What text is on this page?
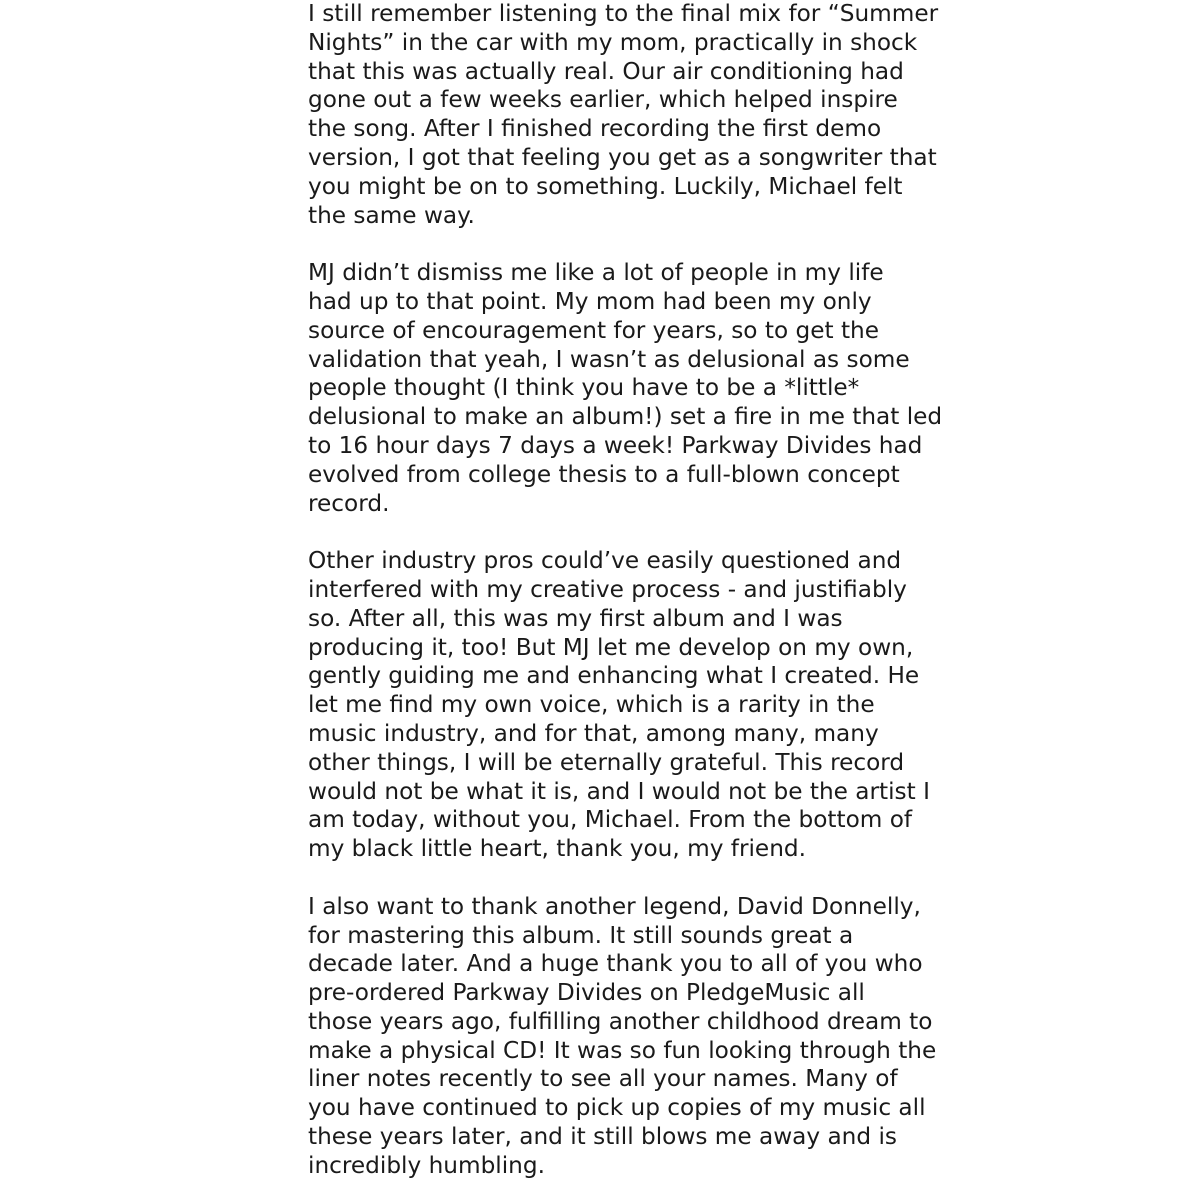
I still remember listening to the final mix for “Summer
Nights” in the car with my mom, practically in shock
that this was actually real. Our air conditioning had
gone out a few weeks earlier, which helped inspire
the song. After I finished recording the first demo
version, I got that feeling you get as a songwriter that
you might be on to something. Luckily, Michael felt
the same way.
MJ didn’t dismiss me like a lot of people in my life
had up to that point. My mom had been my only
source of encouragement for years, so to get the
validation that yeah, I wasn’t as delusional as some
people thought (I think you have to be a *little*
delusional to make an album!) set a fire in me that led
to 16 hour days 7 days a week! Parkway Divides had
evolved from college thesis to a full-blown concept
record.
Other industry pros could’ve easily questioned and
interfered with my creative process - and justifiably
so. After all, this was my first album and I was
producing it, too! But MJ let me develop on my own,
gently guiding me and enhancing what I created. He
let me find my own voice, which is a rarity in the
music industry, and for that, among many, many
other things, I will be eternally grateful. This record
would not be what it is, and I would not be the artist I
am today, without you, Michael. From the bottom of
my black little heart, thank you, my friend.
I also want to thank another legend, David Donnelly,
for mastering this album. It still sounds great a
decade later. And a huge thank you to all of you who
pre-ordered Parkway Divides on PledgeMusic all
those years ago, fulfilling another childhood dream to
make a physical CD! It was so fun looking through the
liner notes recently to see all your names. Many of
you have continued to pick up copies of my music all
these years later, and it still blows me away and is
incredibly humbling.
